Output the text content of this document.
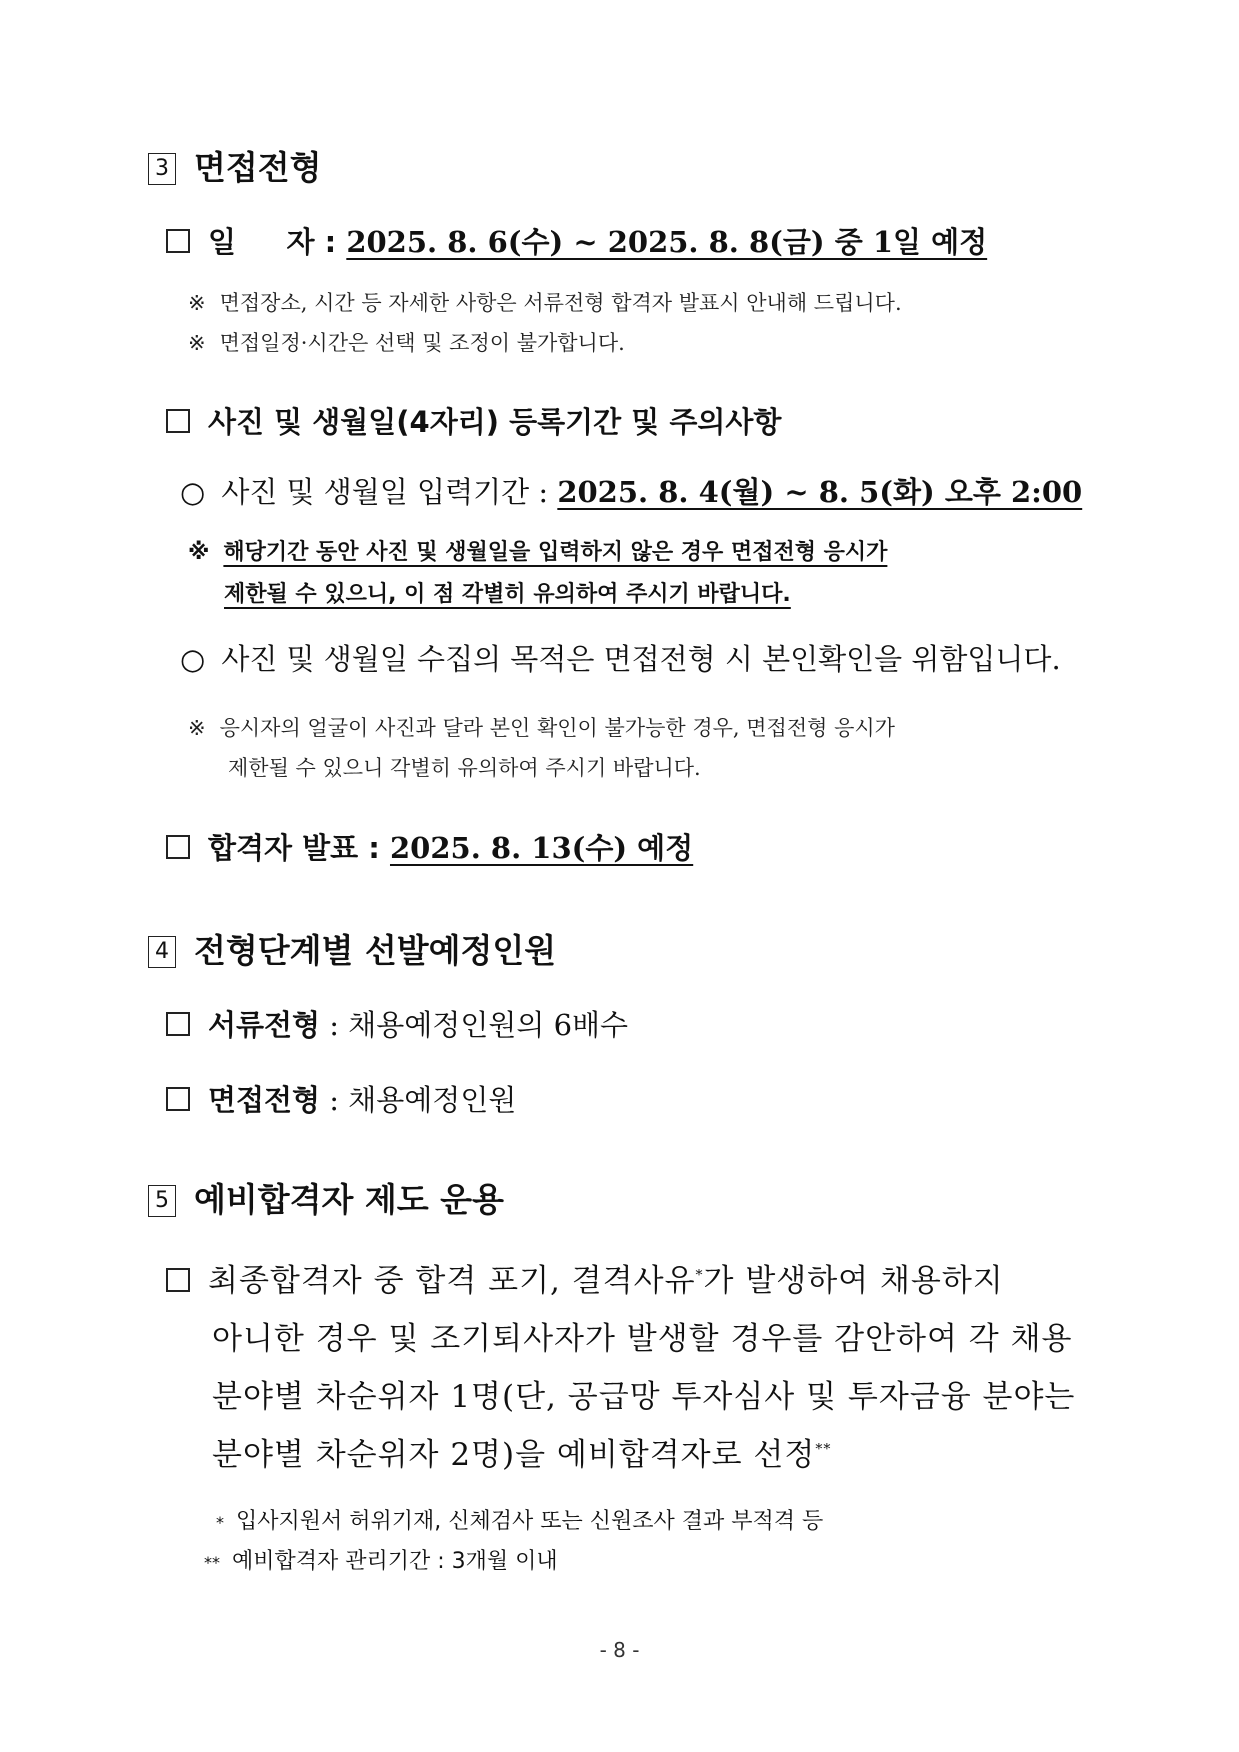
3 면접전형
일     자 : 2025. 8. 6(수) ~ 2025. 8. 8(금) 중 1일 예정
※ 면접장소, 시간 등 자세한 사항은 서류전형 합격자 발표시 안내해 드립니다.
※ 면접일정·시간은 선택 및 조정이 불가합니다.
사진 및 생월일(4자리) 등록기간 및 주의사항
○ 사진 및 생월일 입력기간 : 2025. 8. 4(월) ~ 8. 5(화) 오후 2:00
※ 해당기간 동안 사진 및 생월일을 입력하지 않은 경우 면접전형 응시가
제한될 수 있으니, 이 점 각별히 유의하여 주시기 바랍니다.
○ 사진 및 생월일 수집의 목적은 면접전형 시 본인확인을 위함입니다.
※ 응시자의 얼굴이 사진과 달라 본인 확인이 불가능한 경우, 면접전형 응시가
제한될 수 있으니 각별히 유의하여 주시기 바랍니다.
합격자 발표 : 2025. 8. 13(수) 예정
4 전형단계별 선발예정인원
서류전형 : 채용예정인원의 6배수
면접전형 : 채용예정인원
5 예비합격자 제도 운용
최종합격자 중 합격 포기, 결격사유*가 발생하여 채용하지
아니한 경우 및 조기퇴사자가 발생할 경우를 감안하여 각 채용
분야별 차순위자 1명(단, 공급망 투자심사 및 투자금융 분야는
분야별 차순위자 2명)을 예비합격자로 선정**
* 입사지원서 허위기재, 신체검사 또는 신원조사 결과 부적격 등
** 예비합격자 관리기간 : 3개월 이내
- 8 -
